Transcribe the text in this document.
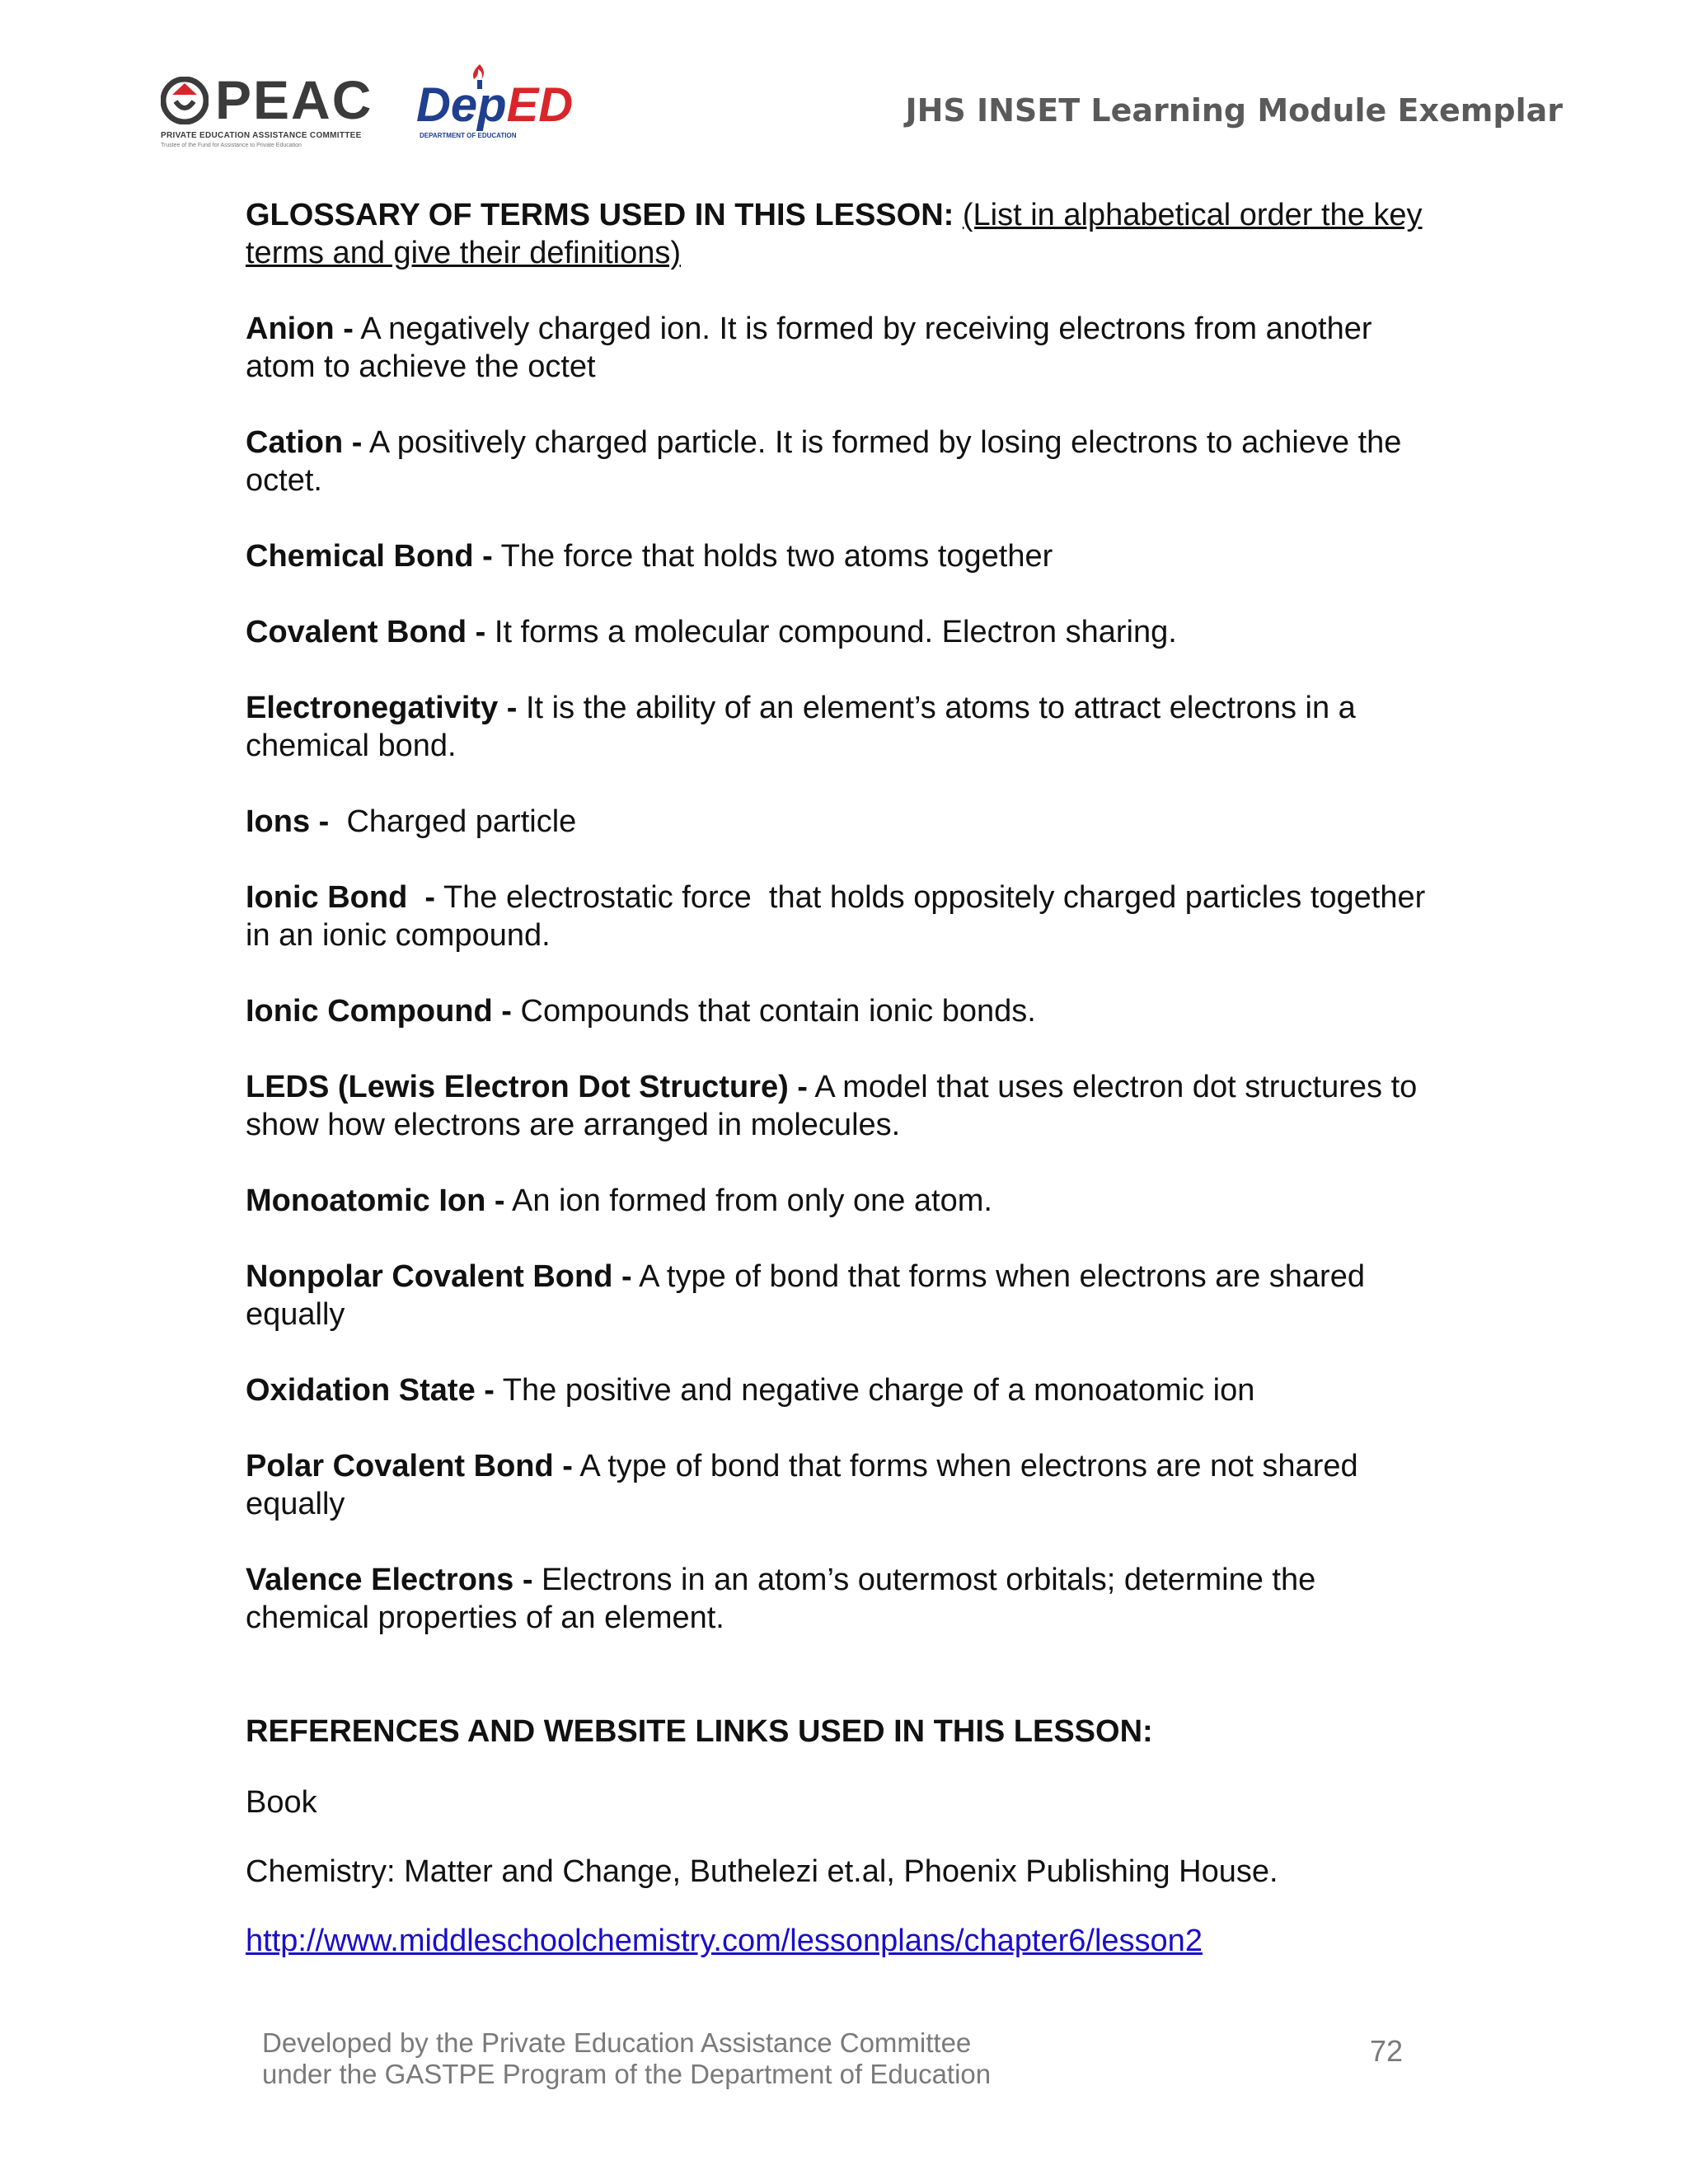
PEAC
PRIVATE EDUCATION ASSISTANCE COMMITTEE
Trustee of the Fund for Assistance to Private Education
DepED
DEPARTMENT OF EDUCATION
JHS INSET Learning Module Exemplar

GLOSSARY OF TERMS USED IN THIS LESSON: (List in alphabetical order the key terms and give their definitions)

Anion - A negatively charged ion. It is formed by receiving electrons from another atom to achieve the octet

Cation - A positively charged particle. It is formed by losing electrons to achieve the octet.

Chemical Bond - The force that holds two atoms together

Covalent Bond - It forms a molecular compound. Electron sharing.

Electronegativity - It is the ability of an element’s atoms to attract electrons in a chemical bond.

Ions -  Charged particle

Ionic Bond  - The electrostatic force  that holds oppositely charged particles together in an ionic compound.

Ionic Compound - Compounds that contain ionic bonds.

LEDS (Lewis Electron Dot Structure) - A model that uses electron dot structures to show how electrons are arranged in molecules.

Monoatomic Ion - An ion formed from only one atom.

Nonpolar Covalent Bond - A type of bond that forms when electrons are shared equally

Oxidation State - The positive and negative charge of a monoatomic ion

Polar Covalent Bond - A type of bond that forms when electrons are not shared equally

Valence Electrons - Electrons in an atom’s outermost orbitals; determine the chemical properties of an element.

REFERENCES AND WEBSITE LINKS USED IN THIS LESSON:

Book

Chemistry: Matter and Change, Buthelezi et.al, Phoenix Publishing House.

http://www.middleschoolchemistry.com/lessonplans/chapter6/lesson2

Developed by the Private Education Assistance Committee
under the GASTPE Program of the Department of Education
72
